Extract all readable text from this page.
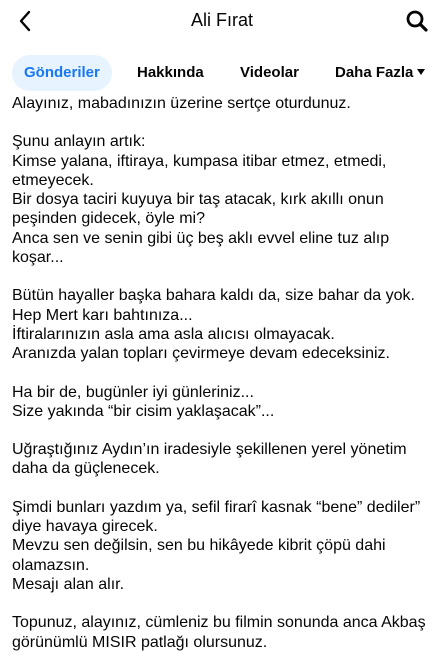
Ali Fırat
Gönderiler	Hakkında Videolar Daha Fazla

Alayınız, mabadınızın üzerine sertçe oturdunuz.

Şunu anlayın artık:
Kimse yalana, iftiraya, kumpasa itibar etmez, etmedi, etmeyecek.
Bir dosya taciri kuyuya bir taş atacak, kırk akıllı onun peşinden gidecek, öyle mi?
Anca sen ve senin gibi üç beş aklı evvel eline tuz alıp koşar...

Bütün hayaller başka bahara kaldı da, size bahar da yok.
Hep Mert karı bahtınıza...
İftiralarınızın asla ama asla alıcısı olmayacak.
Aranızda yalan topları çevirmeye devam edeceksiniz.

Ha bir de, bugünler iyi günleriniz...
Size yakında “bir cisim yaklaşacak”...

Uğraştığınız Aydın’ın iradesiyle şekillenen yerel yönetim daha da güçlenecek.

Şimdi bunları yazdım ya, sefil firarî kasnak “bene” dediler” diye havaya girecek.
Mevzu sen değilsin, sen bu hikâyede kibrit çöpü dahi olamazsın.
Mesajı alan alır.

Topunuz, alayınız, cümleniz bu filmin sonunda anca Akbaş görünümlü MISIR patlağı olursunuz.
